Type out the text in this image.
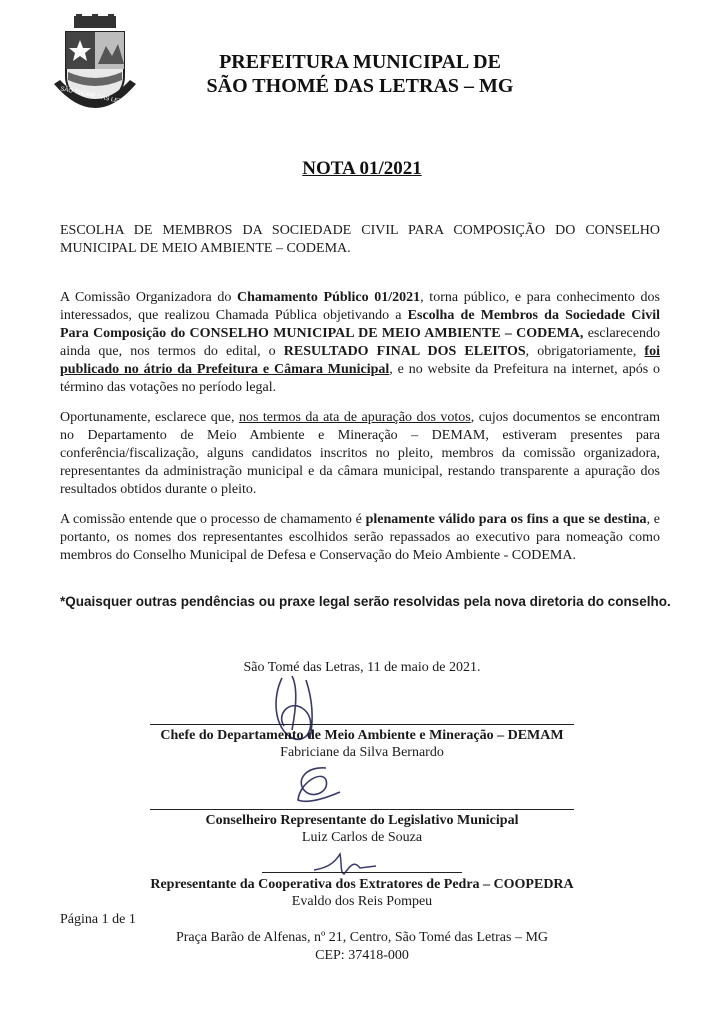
SÃO THOMÉ DAS LETRAS
PREFEITURA MUNICIPAL DE
SÃO THOMÉ DAS LETRAS – MG
NOTA 01/2021
ESCOLHA DE MEMBROS DA SOCIEDADE CIVIL PARA COMPOSIÇÃO DO CONSELHO MUNICIPAL DE MEIO AMBIENTE – CODEMA.
A Comissão Organizadora do Chamamento Público 01/2021, torna público, e para conhecimento dos interessados, que realizou Chamada Pública objetivando a Escolha de Membros da Sociedade Civil Para Composição do CONSELHO MUNICIPAL DE MEIO AMBIENTE – CODEMA, esclarecendo ainda que, nos termos do edital, o RESULTADO FINAL DOS ELEITOS, obrigatoriamente, foi publicado no átrio da Prefeitura e Câmara Municipal, e no website da Prefeitura na internet, após o término das votações no período legal.
Oportunamente, esclarece que, nos termos da ata de apuração dos votos, cujos documentos se encontram no Departamento de Meio Ambiente e Mineração – DEMAM, estiveram presentes para conferência/fiscalização, alguns candidatos inscritos no pleito, membros da comissão organizadora, representantes da administração municipal e da câmara municipal, restando transparente a apuração dos resultados obtidos durante o pleito.
A comissão entende que o processo de chamamento é plenamente válido para os fins a que se destina, e portanto, os nomes dos representantes escolhidos serão repassados ao executivo para nomeação como membros do Conselho Municipal de Defesa e Conservação do Meio Ambiente - CODEMA.
*Quaisquer outras pendências ou praxe legal serão resolvidas pela nova diretoria do conselho.
São Tomé das Letras, 11 de maio de 2021.
Chefe do Departamento de Meio Ambiente e Mineração – DEMAM
Fabriciane da Silva Bernardo
Conselheiro Representante do Legislativo Municipal
Luiz Carlos de Souza
Representante da Cooperativa dos Extratores de Pedra – COOPEDRA
Evaldo dos Reis Pompeu
Página 1 de 1
Praça Barão de Alfenas, nº 21, Centro, São Tomé das Letras – MG
CEP: 37418-000
